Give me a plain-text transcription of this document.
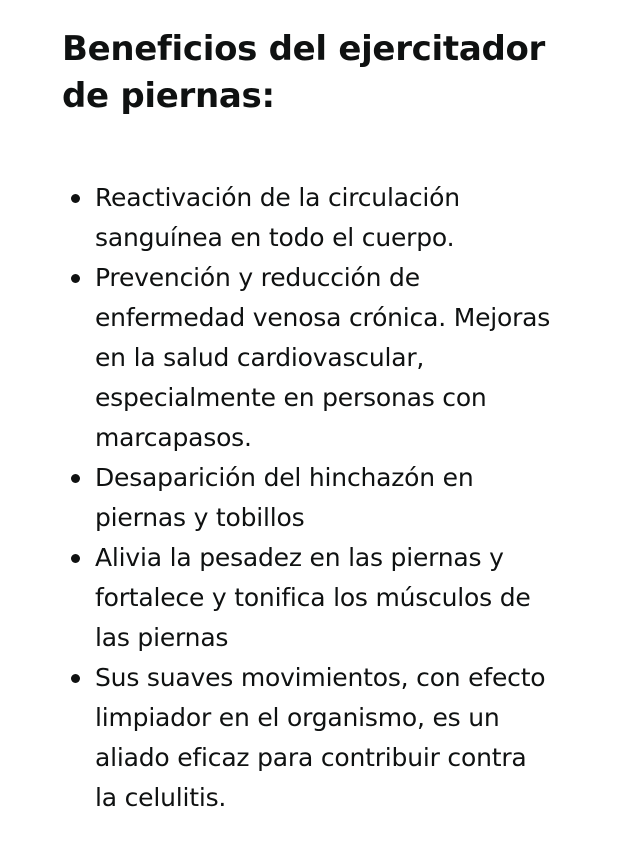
Beneficios del ejercitador
de piernas:
Reactivación de la circulación
sanguínea en todo el cuerpo.
Prevención y reducción de
enfermedad venosa crónica. Mejoras
en la salud cardiovascular,
especialmente en personas con
marcapasos.
Desaparición del hinchazón en
piernas y tobillos
Alivia la pesadez en las piernas y
fortalece y tonifica los músculos de
las piernas
Sus suaves movimientos, con efecto
limpiador en el organismo, es un
aliado eficaz para contribuir contra
la celulitis.
